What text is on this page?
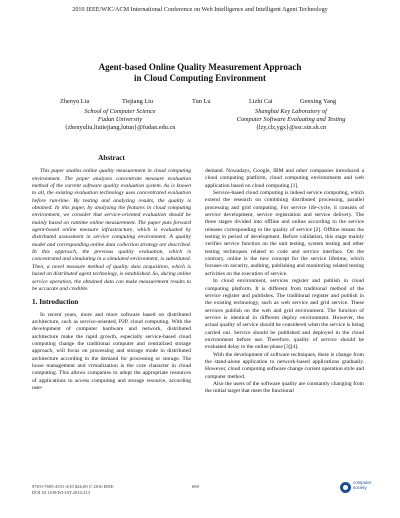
2010 IEEE/WIC/ACM International Conference on Web Intelligence and Intelligent Agent Technology
Agent-based Online Quality Measurement Approach
in Cloud Computing Environment
Zhenyu Liu	Tiejiang Liu	Tun Lu	Lizhi Cai	Genxing Yang
School of Computer Science
Fudan University
{zhenyuliu,liutiejiang,lutun}@fudan.edu.cn
Shanghai Key Laboratory of
Computer Software Evaluating and Testing
{lzy,clz,ygx}@ssc.stn.sh.cn
Abstract

This paper studies online quality measurement in cloud computing environment. The paper analyzes concentrate measure evaluation method of the current software quality evaluation system. As is known to all, the existing evaluation technology uses concentrated evaluation before run-time. By testing and analyzing results, the quality is obtained. In this paper, by analyzing the features in cloud computing environment, we consider that service-oriented evaluation should be mainly based on runtime online measurement. The paper puts forward agent-based online measure infrastructure, which is evaluated by distributed assessment in service computing environment. A quality model and corresponding online data collection strategy are described. In this approach, the previous quality evaluation, which is concentrated and simulating in a simulated environment, is substituted. Then, a novel measure method of quality data acquisition, which is based on distributed agent technology, is established. So, during online service operation, the obtained data can make measurement results to be accurate and credible.

1. Introduction

In recent years, more and more software based on distributed architecture, such as service-oriented, P2P, cloud computing. With the development of computer hardware and network, distributed architecture make the rapid growth, especially service-based cloud computing change the traditional computer and centralized storage approach, will focus on processing and storage mode in distributed architecture according to the demand for processing or storage. The loose management and virtualization is the core character in cloud computing. This allows companies to adopt the appropriate resources of applications to access computing and storage resource, according user-

demand. Nowadays, Google, IBM and other companies introduced a cloud computing platform, cloud computing environments and web application based on cloud computing [1].

Service-based cloud computing is indeed service computing, which extend the research on combining distributed processing, parallel processing and grid computing. For service life-cycle, it consists of service development, service registration and service delivery. The three stages divided into offline and online according to the service releases corresponding to the quality of service [2]. Offline means the testing in period of development. Before validation, this stage mainly verifies service function on the unit testing, system testing and other testing techniques related to code and service interface. On the contrary, online is the new concept for the service lifetime, which focuses on security, auditing, publishing and monitoring related testing activities on the execution of service.

In cloud environment, services register and publish in cloud computing platform. It is different from traditional method of the service register and publishes. The traditional register and publish in the existing technology, such as web service and grid service. These services publish on the web and grid environment. The function of service is identical in different deploy environment. However, the actual quality of service should be considered when the service is being carried out. Service should be published and deployed in the cloud environment before use. Therefore, quality of service should be evaluated delay to the online phase [3][4].

With the development of software techniques, there is change from the stand-alone application to network-based applications gradually. However, cloud computing software change current operation style and computer method.

Also the users of the software quality are constantly changing from the initial target that meet the functional

978-0-7695-4191-4/10 $26.00 © 2010 IEEE
DOI 10.1109/WI-IAT.2010.213
690
computer
society
